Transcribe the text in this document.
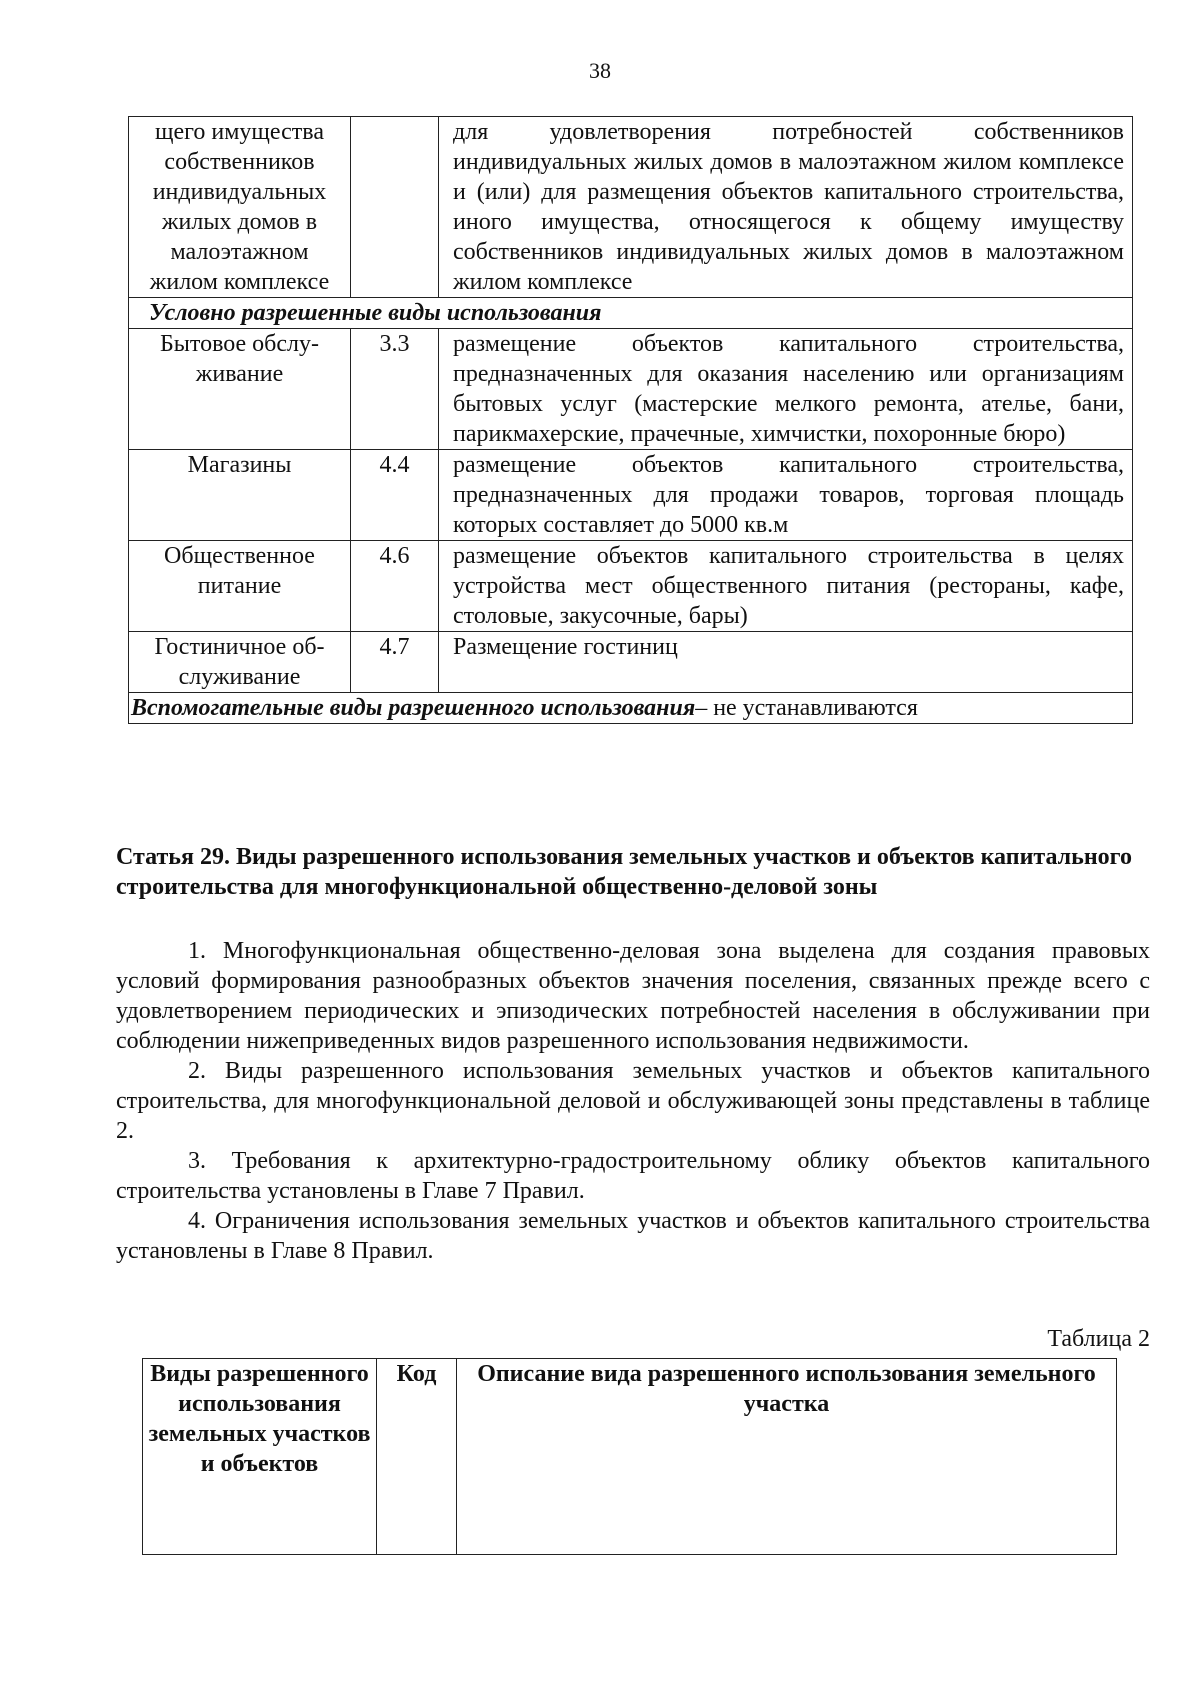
38
щего имущества собственников индивидуальных жилых домов в малоэтажном жилом комплексе		для удовлетворения потребностей собственников индивидуальных жилых домов в малоэтажном жилом комплексе и (или) для размещения объектов капитального строительства, иного имущества, относящегося к общему имуществу собственников индивидуальных жилых домов в малоэтажном жилом комплексе
Условно разрешенные виды использования		
Бытовое обслу- живание	3.3	размещение объектов капитального строительства, предназначенных для оказания населению или организациям бытовых услуг (мастерские мелкого ремонта, ателье, бани, парикмахерские, прачечные, химчистки, похоронные бюро)
Магазины	4.4	размещение объектов капитального строительства, предназначенных для продажи товаров, торговая площадь которых составляет до 5000 кв.м
Общественное питание	4.6	размещение объектов капитального строительства в целях устройства мест общественного питания (рестораны, кафе, столовые, закусочные, бары)
Гостиничное об- служивание	4.7	Размещение гостиниц
Вспомогательные виды разрешенного использования– не устанавливаются		
Статья 29. Виды разрешенного использования земельных участков и объектов капитального строительства для многофункциональной общественно-деловой зоны

1. Многофункциональная общественно-деловая зона выделена для создания правовых условий формирования разнообразных объектов значения поселения, связанных прежде всего с удовлетворением периодических и эпизодических потребностей населения в обслуживании при соблюдении нижеприведенных видов разрешенного использования недвижимости.

2. Виды разрешенного использования земельных участков и объектов капитального строительства, для многофункциональной деловой и обслуживающей зоны представлены в таблице 2.

3. Требования к архитектурно-градостроительному облику объектов капитального строительства установлены в Главе 7 Правил.

4. Ограничения использования земельных участков и объектов капитального строительства установлены в Главе 8 Правил.

Таблица 2
Виды разрешенного использования земельных участков и объектов	Код	Описание вида разрешенного использования земельного участка
